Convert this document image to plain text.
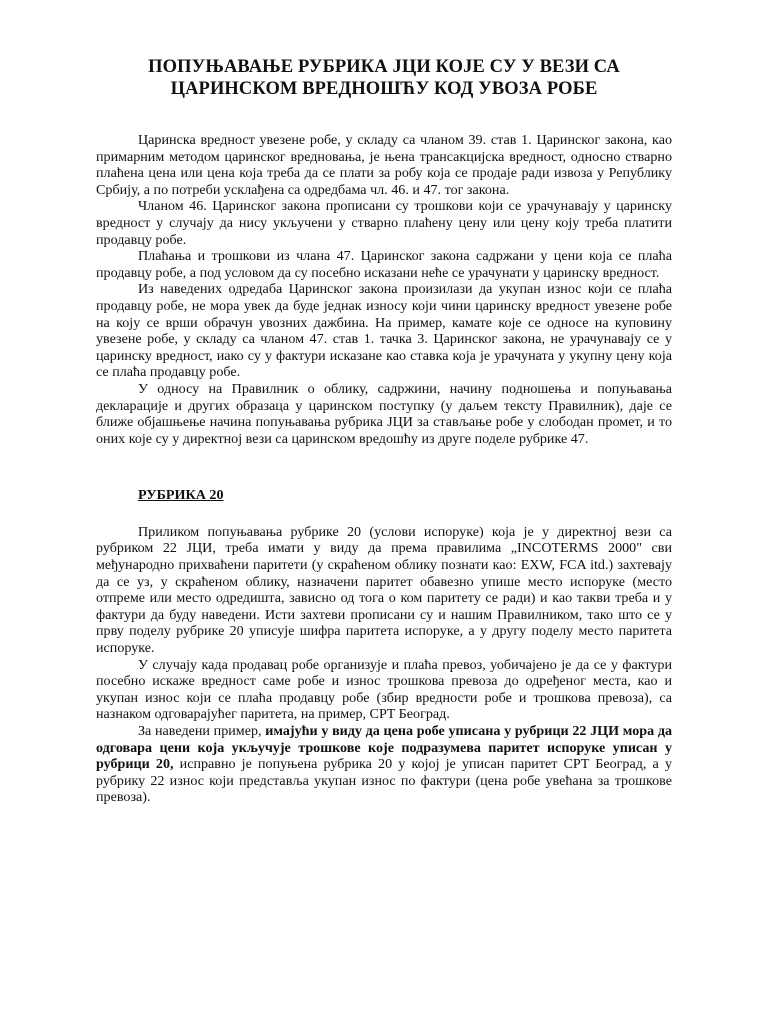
ПОПУЊАВАЊЕ РУБРИКА ЈЦИ КОЈЕ СУ У ВЕЗИ СА
ЦАРИНСКОМ ВРЕДНОШЋУ КОД УВОЗА РОБЕ

Царинска вредност увезене робе, у складу са чланом 39. став 1. Царинског закона, као примарним методом царинског вредновања, је њена трансакцијска вредност, односно стварно плаћена цена или цена која треба да се плати за робу која се продаје ради извоза у Републику Србију, а по потреби усклађена са одредбама чл. 46. и 47. тог закона.

Чланом 46. Царинског закона прописани су трошкови који се урачунавају у царинску вредност у случају да нису укључени у стварно плаћену цену или цену коју треба платити продавцу робе.

Плаћања и трошкови из члана 47. Царинског закона садржани у цени која се плаћа продавцу робе, а под условом да су посебно исказани неће се урачунати у царинску вредност.

Из наведених одредаба Царинског закона произилази да укупан износ који се плаћа продавцу робе, не мора увек да буде једнак износу који чини царинску вредност увезене робе на коју се врши обрачун увозних дажбина. На пример, камате које се односе на куповину увезене робе, у складу са чланом 47. став 1. тачка 3. Царинског закона, не урачунавају се у царинску вредност, иако су у фактури исказане као ставка која је урачуната у укупну цену која се плаћа продавцу робе.

У односу на Правилник о облику, садржини, начину подношења и попуњавања декларације и других образаца у царинском поступку (у даљем тексту Правилник), даје се ближе објашњење начина попуњавања рубрика ЈЦИ за стављање робе у слободан промет, и то оних које су у директној вези са царинском вредошћу из друге поделе рубрике 47.

РУБРИКА 20

Приликом попуњавања рубрике 20 (услови испоруке) која је у директној вези са рубриком 22 ЈЦИ, треба имати у виду да према правилима „INCOTERMS 2000" сви међународно прихваћени паритети (у скраћеном облику познати као: EXW, FCA itd.) захтевају да се уз, у скраћеном облику, назначени паритет обавезно упише место испоруке (место отпреме или место одредишта, зависно од тога о ком паритету се ради) и као такви треба и у фактури да буду наведени. Исти захтеви прописани су и нашим Правилником, тако што се у прву поделу рубрике 20 уписује шифра паритета испоруке, а у другу поделу место паритета испоруке.

У случају када продавац робе организује и плаћа превоз, уобичајено је да се у фактури посебно искаже вредност саме робе и износ трошкова превоза до одређеног места, као и укупан износ који се плаћа продавцу робе (збир вредности робе и трошкова превоза), са назнаком одговарајућег паритета, на пример, CPT Београд.

За наведени пример, имајући у виду да цена робе уписана у рубрици 22 ЈЦИ мора да одговара цени која укључује трошкове које подразумева паритет испоруке уписан у рубрици 20, исправно је попуњена рубрика 20 у којој је уписан паритет CPT Београд, а у рубрику 22 износ који представља укупан износ по фактури (цена робе увећана за трошкове превоза).
